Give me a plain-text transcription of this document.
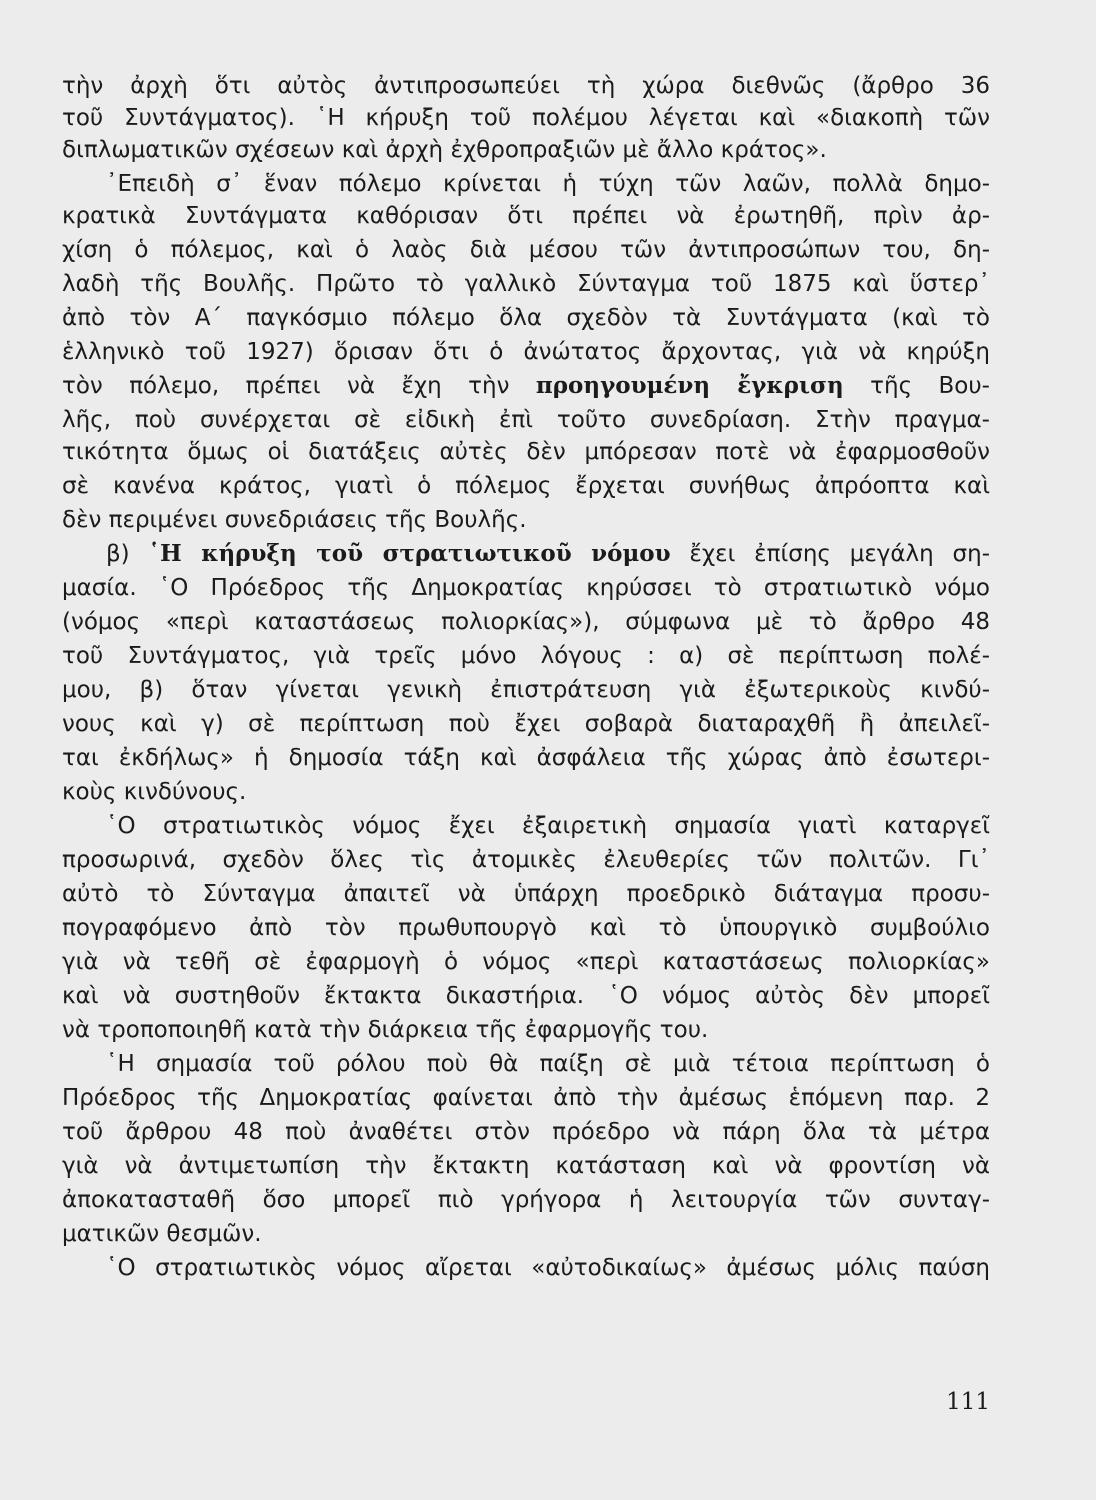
τὴν ἀρχὴ ὅτι αὐτὸς ἀντιπροσωπεύει τὴ χώρα διεθνῶς (ἄρθρο 36
τοῦ Συντάγματος). ῾Η κήρυξη τοῦ πολέμου λέγεται καὶ «διακοπὴ τῶν
διπλωματικῶν σχέσεων καὶ ἀρχὴ ἐχθροπραξιῶν μὲ ἄλλο κράτος».
᾿Επειδὴ σ᾿ ἕναν πόλεμο κρίνεται ἡ τύχη τῶν λαῶν, πολλὰ δημο-
κρατικὰ Συντάγματα καθόρισαν ὅτι πρέπει νὰ ἐρωτηθῆ, πρὶν ἀρ-
χίση ὁ πόλεμος, καὶ ὁ λαὸς διὰ μέσου τῶν ἀντιπροσώπων του, δη-
λαδὴ τῆς Βουλῆς. Πρῶτο τὸ γαλλικὸ Σύνταγμα τοῦ 1875 καὶ ὕστερ᾿
ἀπὸ τὸν Α΄ παγκόσμιο πόλεμο ὅλα σχεδὸν τὰ Συντάγματα (καὶ τὸ
ἑλληνικὸ τοῦ 1927) ὅρισαν ὅτι ὁ ἀνώτατος ἄρχοντας, γιὰ νὰ κηρύξη
τὸν πόλεμο, πρέπει νὰ ἔχη τὴν προηγουμένη ἔγκριση τῆς Βου-
λῆς, ποὺ συνέρχεται σὲ εἰδικὴ ἐπὶ τοῦτο συνεδρίαση. Στὴν πραγμα-
τικότητα ὅμως οἱ διατάξεις αὐτὲς δὲν μπόρεσαν ποτὲ νὰ ἐφαρμοσθοῦν
σὲ κανένα κράτος, γιατὶ ὁ πόλεμος ἔρχεται συνήθως ἀπρόοπτα καὶ
δὲν περιμένει συνεδριάσεις τῆς Βουλῆς.
β) ῾Η κήρυξη τοῦ στρατιωτικοῦ νόμου ἔχει ἐπίσης μεγάλη ση-
μασία. ῾Ο Πρόεδρος τῆς Δημοκρατίας κηρύσσει τὸ στρατιωτικὸ νόμο
(νόμος «περὶ καταστάσεως πολιορκίας»), σύμφωνα μὲ τὸ ἄρθρο 48
τοῦ Συντάγματος, γιὰ τρεῖς μόνο λόγους : α) σὲ περίπτωση πολέ-
μου, β) ὅταν γίνεται γενικὴ ἐπιστράτευση γιὰ ἐξωτερικοὺς κινδύ-
νους καὶ γ) σὲ περίπτωση ποὺ ἔχει σοβαρὰ διαταραχθῆ ἢ ἀπειλεῖ-
ται ἐκδήλως» ἡ δημοσία τάξη καὶ ἀσφάλεια τῆς χώρας ἀπὸ ἐσωτερι-
κοὺς κινδύνους.
῾Ο στρατιωτικὸς νόμος ἔχει ἐξαιρετικὴ σημασία γιατὶ καταργεῖ
προσωρινά, σχεδὸν ὅλες τὶς ἀτομικὲς ἐλευθερίες τῶν πολιτῶν. Γι᾿
αὐτὸ τὸ Σύνταγμα ἀπαιτεῖ νὰ ὑπάρχη προεδρικὸ διάταγμα προσυ-
πογραφόμενο ἀπὸ τὸν πρωθυπουργὸ καὶ τὸ ὑπουργικὸ συμβούλιο
γιὰ νὰ τεθῆ σὲ ἐφαρμογὴ ὁ νόμος «περὶ καταστάσεως πολιορκίας»
καὶ νὰ συστηθοῦν ἔκτακτα δικαστήρια. ῾Ο νόμος αὐτὸς δὲν μπορεῖ
νὰ τροποποιηθῆ κατὰ τὴν διάρκεια τῆς ἐφαρμογῆς του.
῾Η σημασία τοῦ ρόλου ποὺ θὰ παίξη σὲ μιὰ τέτοια περίπτωση ὁ
Πρόεδρος τῆς Δημοκρατίας φαίνεται ἀπὸ τὴν ἀμέσως ἑπόμενη παρ. 2
τοῦ ἄρθρου 48 ποὺ ἀναθέτει στὸν πρόεδρο νὰ πάρη ὅλα τὰ μέτρα
γιὰ νὰ ἀντιμετωπίση τὴν ἔκτακτη κατάσταση καὶ νὰ φροντίση νὰ
ἀποκατασταθῆ ὅσο μπορεῖ πιὸ γρήγορα ἡ λειτουργία τῶν συνταγ-
ματικῶν θεσμῶν.
῾Ο στρατιωτικὸς νόμος αἴρεται «αὐτοδικαίως» ἀμέσως μόλις παύση
111
